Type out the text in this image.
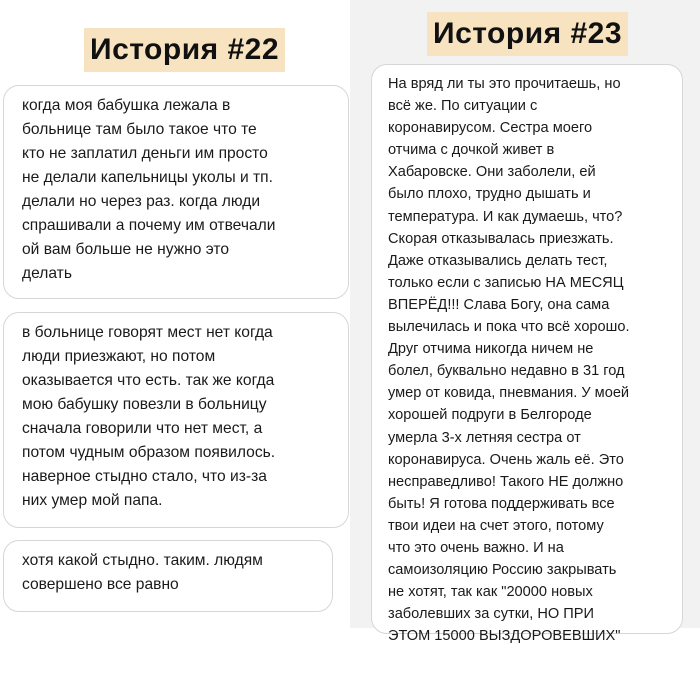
История #22	История #23
когда моя бабушка лежала в
больнице там было такое что те
кто не заплатил деньги им просто
не делали капельницы уколы и тп.
делали но через раз. когда люди
спрашивали а почему им отвечали
ой вам больше не нужно это
делать
в больнице говорят мест нет когда
люди приезжают, но потом
оказывается что есть. так же когда
мою бабушку повезли в больницу
сначала говорили что нет мест, а
потом чудным образом появилось.
наверное стыдно стало, что из-за
них умер мой папа.
хотя какой стыдно. таким. людям
совершено все равно
На вряд ли ты это прочитаешь, но
всё же. По ситуации с
коронавирусом. Сестра моего
отчима с дочкой живет в
Хабаровске. Они заболели, ей
было плохо, трудно дышать и
температура. И как думаешь, что?
Скорая отказывалась приезжать.
Даже отказывались делать тест,
только если с записью НА МЕСЯЦ
ВПЕРЁД!!! Слава Богу, она сама
вылечилась и пока что всё хорошо.
Друг отчима никогда ничем не
болел, буквально недавно в 31 год
умер от ковида, пневмания. У моей
хорошей подруги в Белгороде
умерла 3-х летняя сестра от
коронавируса. Очень жаль её. Это
несправедливо! Такого НЕ должно
быть! Я готова поддерживать все
твои идеи на счет этого, потому
что это очень важно. И на
самоизоляцию Россию закрывать
не хотят, так как "20000 новых
заболевших за сутки, НО ПРИ
ЭТОМ 15000 ВЫЗДОРОВЕВШИХ"
